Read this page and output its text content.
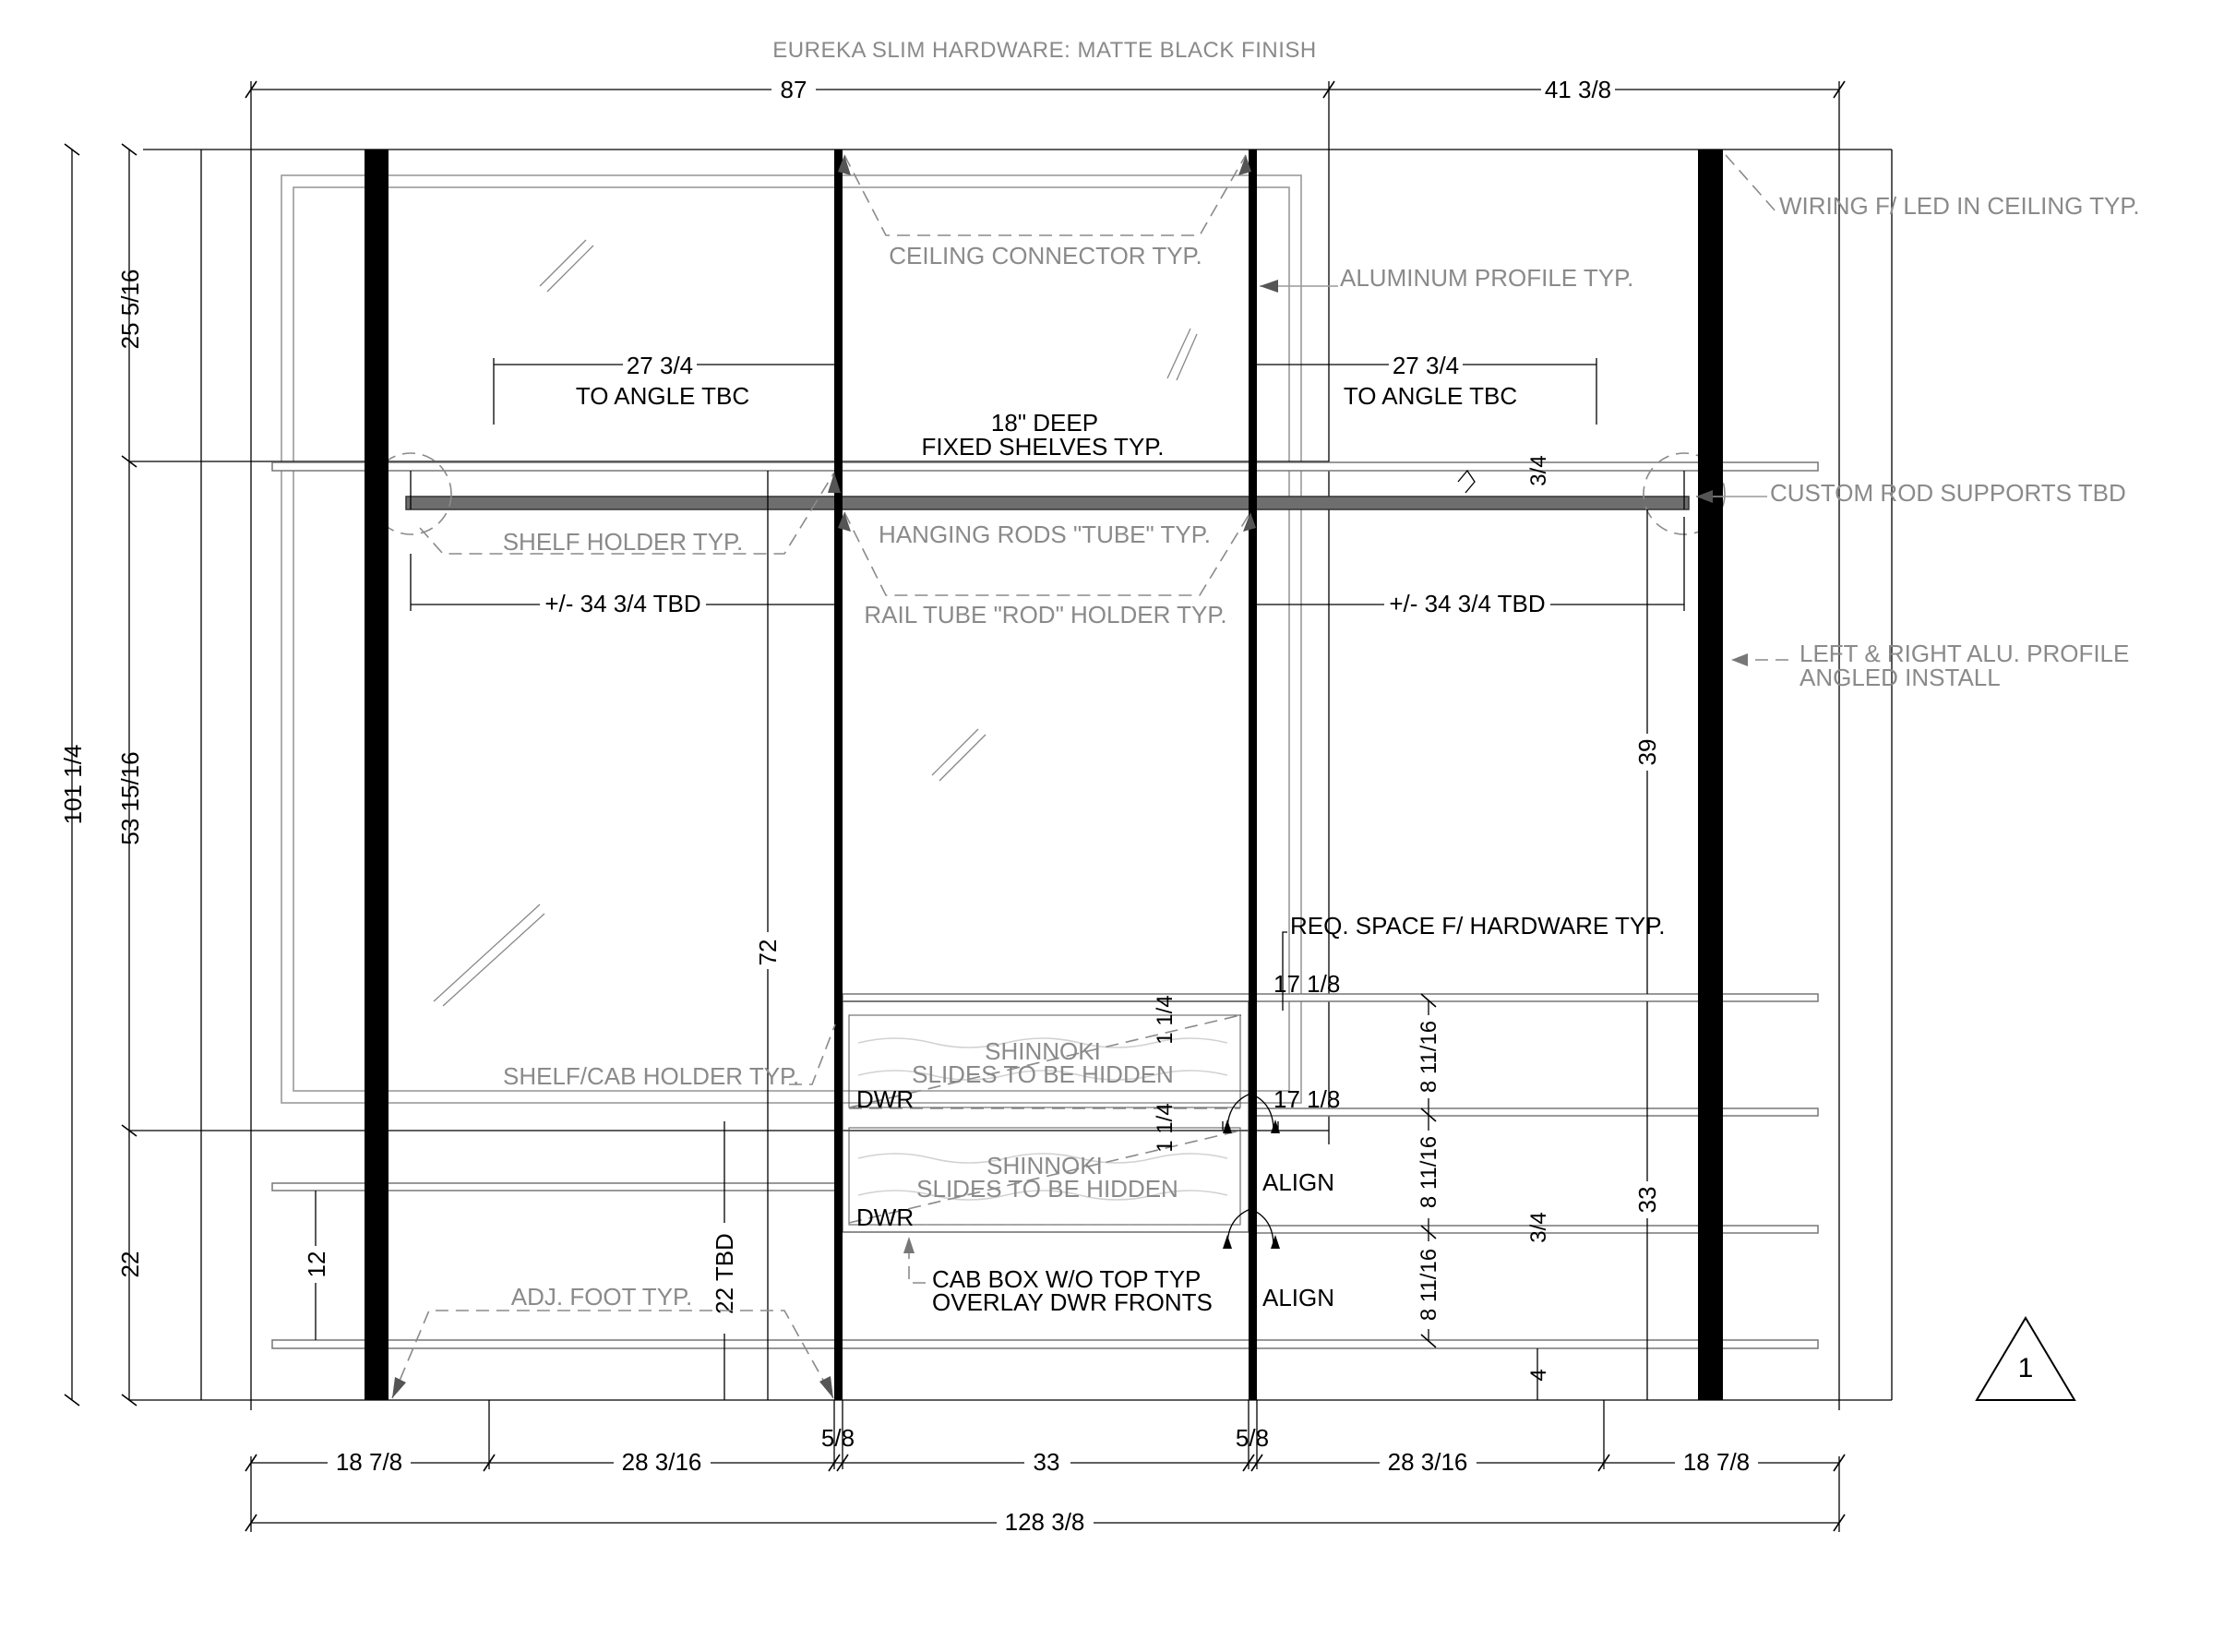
EUREKA SLIM HARDWARE: MATTE BLACK FINISH
87	41 3/8
101 1/4
25 5/16
53 15/16
22
CEILING CONNECTOR TYP.
ALUMINUM PROFILE TYP.
WIRING F/ LED IN CEILING TYP.
27 3/4
TO ANGLE TBC
27 3/4
TO ANGLE TBC
18" DEEP
FIXED SHELVES TYP.
3/4
CUSTOM ROD SUPPORTS TBD
SHELF HOLDER TYP.	HANGING RODS "TUBE" TYP.
RAIL TUBE "ROD" HOLDER TYP.
+/- 34 3/4 TBD	+/- 34 3/4 TBD
LEFT & RIGHT ALU. PROFILE
ANGLED INSTALL
72
22 TBD
12
39
33
REQ. SPACE F/ HARDWARE TYP.
17 1/8
17 1/8
1 1/4
1 1/4
8 11/16
8 11/16
8 11/16
3/4
4
SHELF/CAB HOLDER TYP.
SHINNOKI
SLIDES TO BE HIDDEN
DWR
SHINNOKI
SLIDES TO BE HIDDEN
DWR
CAB BOX W/O TOP TYP
OVERLAY DWR FRONTS
ALIGN
ALIGN
ADJ. FOOT TYP.
18 7/8	28 3/16
5/8
33
5/8
28 3/16	18 7/8
128 3/8
1
